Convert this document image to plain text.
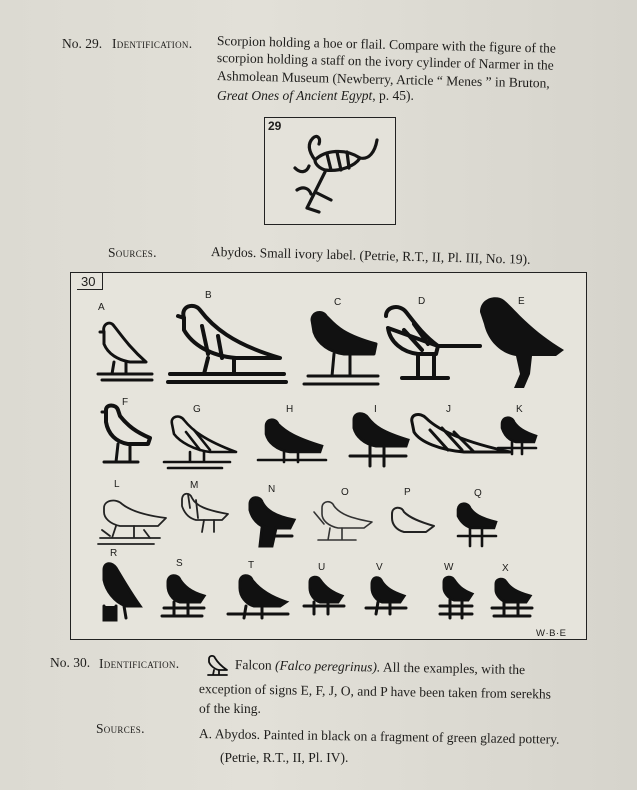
No. 29. Identification. Scorpion holding a hoe or flail. Compare with the figure of the
scorpion holding a staff on the ivory cylinder of Narmer in the
Ashmolean Museum (Newberry, Article “ Menes ” in Bruton,
Great Ones of Ancient Egypt, p. 45).
29
Sources.	Abydos. Small ivory label. (Petrie, R.T., II, Pl. III, No. 19).
30
A
B
C	D	E
F
G	H	I	J	K
L	M	N	O	P	Q
R
S	T	U	V	W	X
W·B·E
No. 30. Identification.	Falcon (Falco peregrinus). All the examples, with the
exception of signs E, F, J, O, and P have been taken from serekhs
of the king.
Sources.	A. Abydos. Painted in black on a fragment of green glazed pottery.
(Petrie, R.T., II, Pl. IV).
